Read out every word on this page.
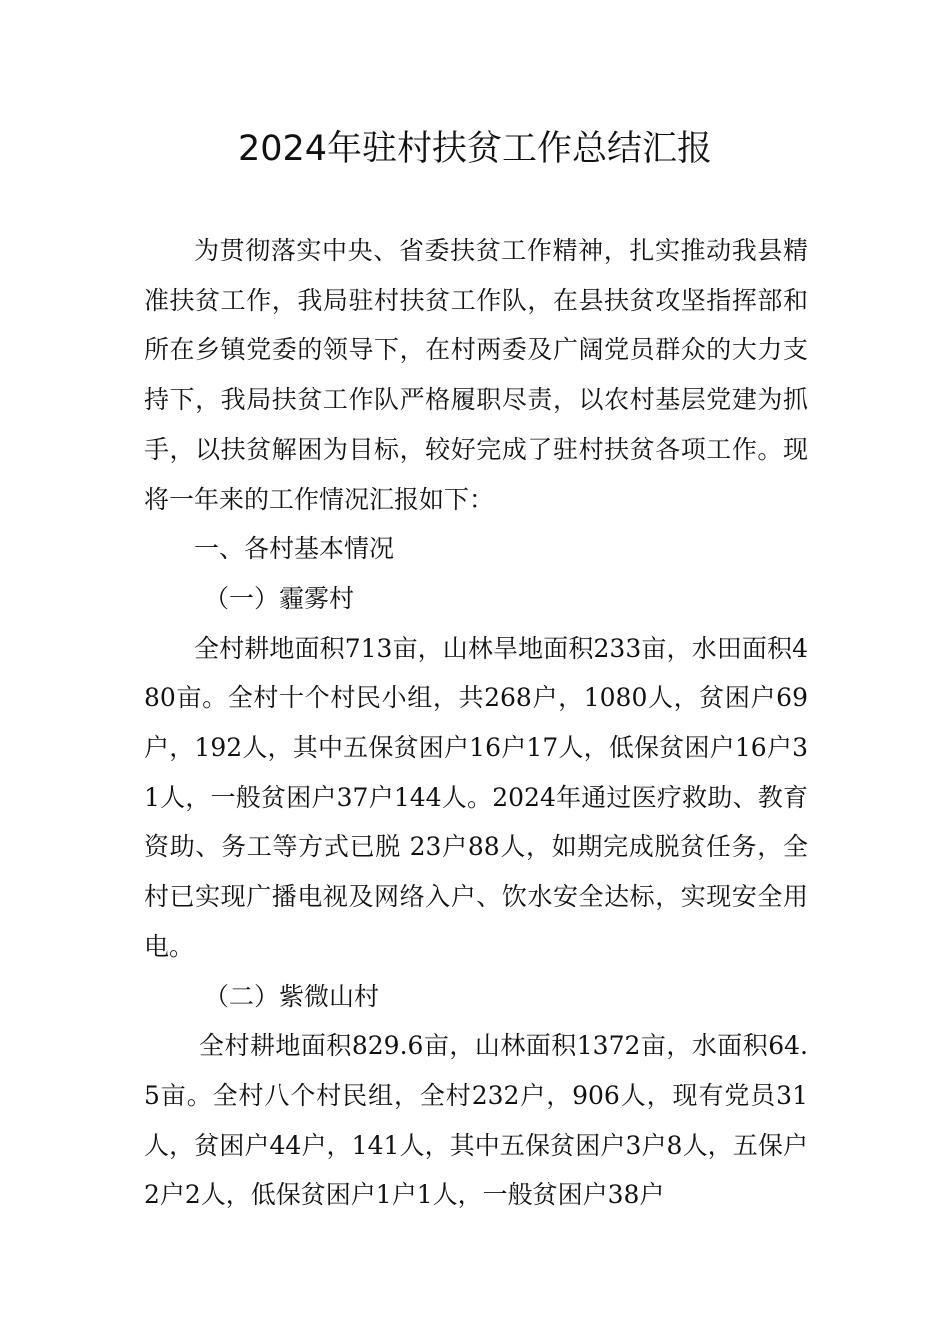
2024年驻村扶贫工作总结汇报

为贯彻落实中央、省委扶贫工作精神，扎实推动我县精准扶贫工作，我局驻村扶贫工作队，在县扶贫攻坚指挥部和所在乡镇党委的领导下，在村两委及广阔党员群众的大力支持下，我局扶贫工作队严格履职尽责，以农村基层党建为抓手，以扶贫解困为目标，较好完成了驻村扶贫各项工作。现将一年来的工作情况汇报如下：

一、各村基本情况

（一）霾雾村

全村耕地面积713亩，山林旱地面积233亩，水田面积480亩。全村十个村民小组，共268户，1080人，贫困户69户，192人，其中五保贫困户16户17人，低保贫困户16户31人，一般贫困户37户144人。2024年通过医疗救助、教育资助、务工等方式已脱 23户88人，如期完成脱贫任务，全村已实现广播电视及网络入户、饮水安全达标，实现安全用电。

（二）紫微山村

全村耕地面积829.6亩，山林面积1372亩，水面积64.5亩。全村八个村民组，全村232户，906人，现有党员31人，贫困户44户，141人，其中五保贫困户3户8人，五保户2户2人，低保贫困户1户1人，一般贫困户38户
